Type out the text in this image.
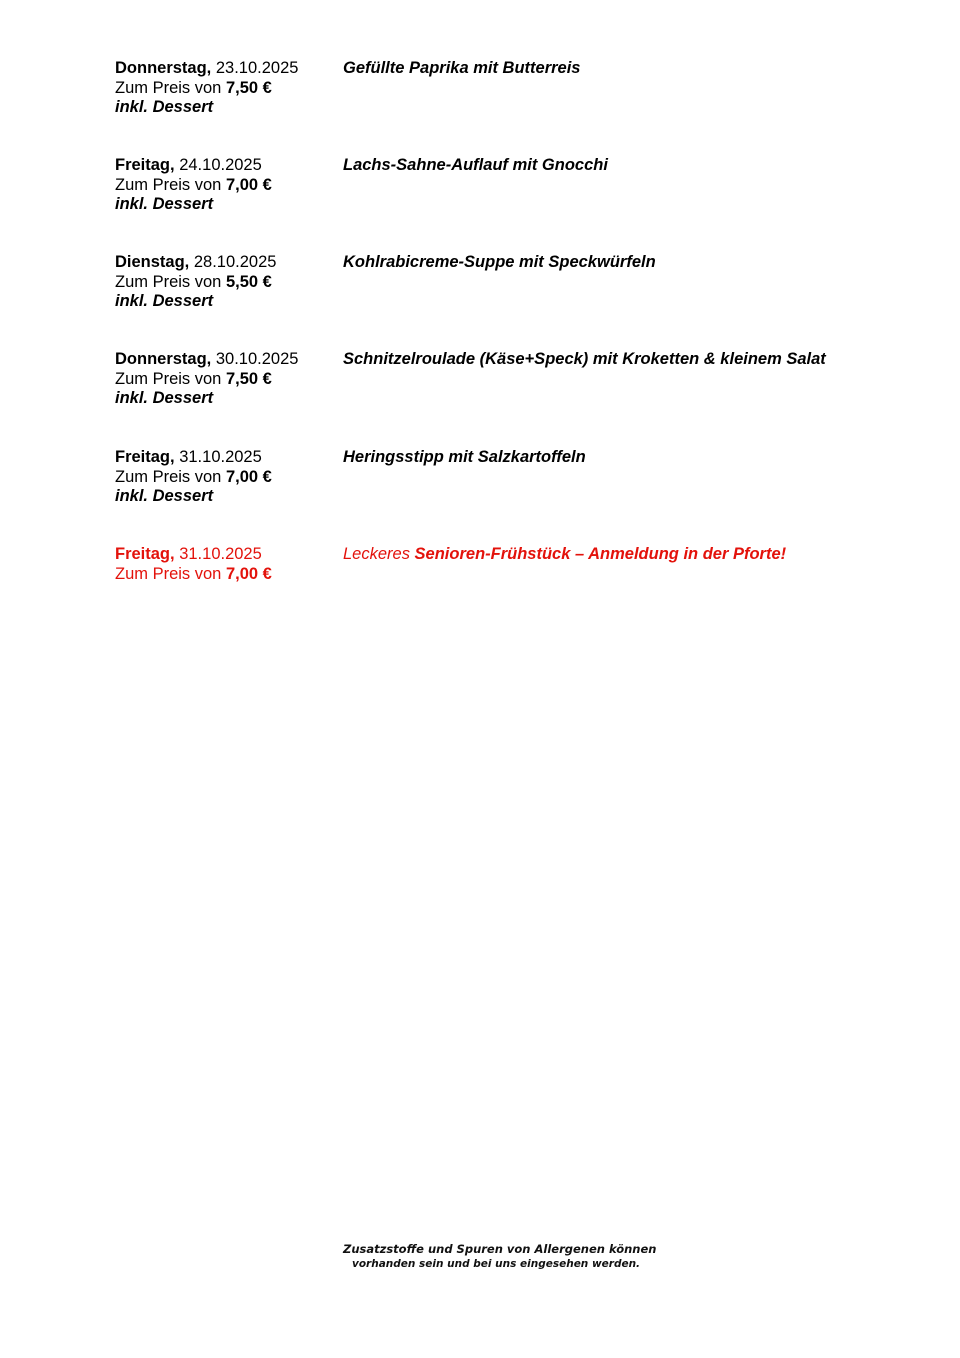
Donnerstag, 23.10.2025
Zum Preis von 7,50 €
inkl. Dessert
Gefüllte Paprika mit Butterreis
Freitag, 24.10.2025
Zum Preis von 7,00 €
inkl. Dessert
Lachs-Sahne-Auflauf mit Gnocchi
Dienstag, 28.10.2025
Zum Preis von 5,50 €
inkl. Dessert
Kohlrabicreme-Suppe mit Speckwürfeln
Donnerstag, 30.10.2025
Zum Preis von 7,50 €
inkl. Dessert
Schnitzelroulade (Käse+Speck) mit Kroketten & kleinem Salat
Freitag, 31.10.2025
Zum Preis von 7,00 €
inkl. Dessert
Heringsstipp mit Salzkartoffeln
Freitag, 31.10.2025
Zum Preis von 7,00 €
Leckeres Senioren-Frühstück – Anmeldung in der Pforte!
Zusatzstoffe und Spuren von Allergenen können
vorhanden sein und bei uns eingesehen werden.
